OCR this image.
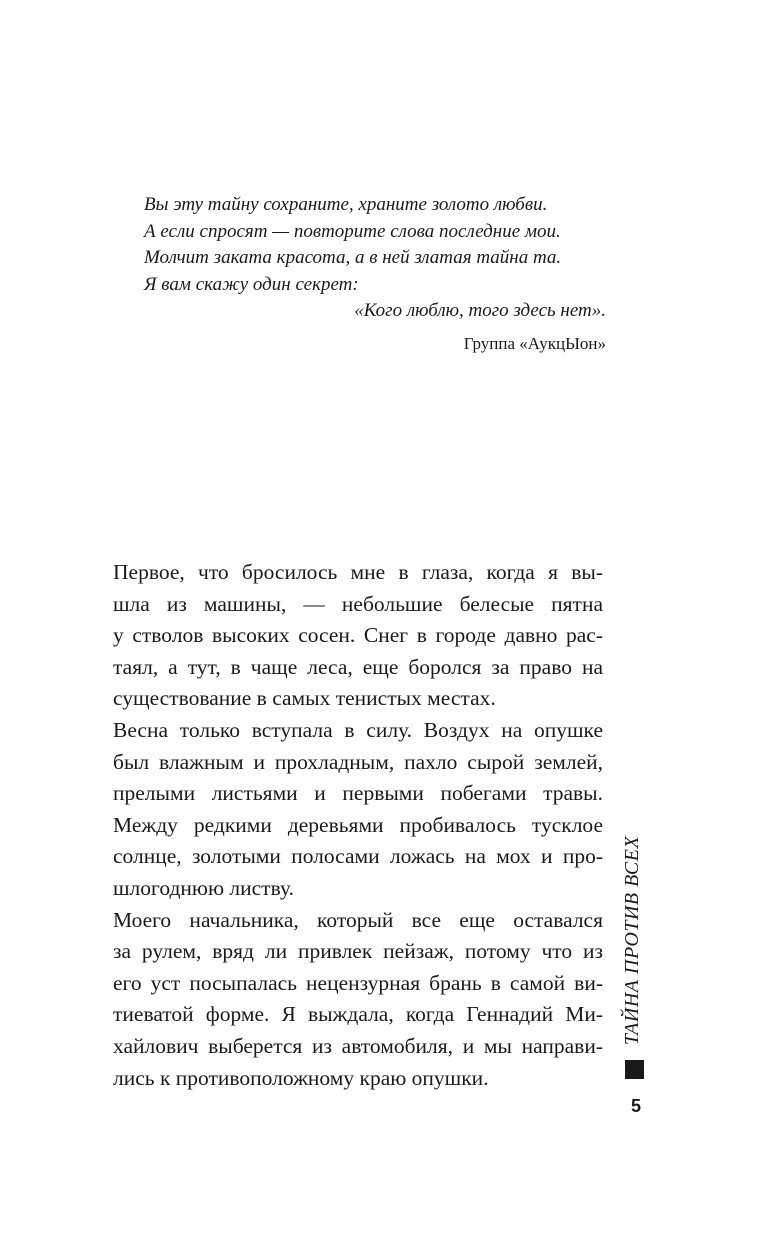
Вы эту тайну сохраните, храните золото любви.
А если спросят — повторите слова последние мои.
Молчит заката красота, а в ней златая тайна та.
Я вам скажу один секрет:
«Кого люблю, того здесь нет».
Группа «АукцЫон»
Первое, что бросилось мне в глаза, когда я вы-
шла из машины, — небольшие белесые пятна
у стволов высоких сосен. Снег в городе давно рас-
таял, а тут, в чаще леса, еще боролся за право на
существование в самых тенистых местах.
Весна только вступала в силу. Воздух на опушке
был влажным и прохладным, пахло сырой землей,
прелыми листьями и первыми побегами травы.
Между редкими деревьями пробивалось тусклое
солнце, золотыми полосами ложась на мох и про-
шлогоднюю листву.
Моего начальника, который все еще оставался
за рулем, вряд ли привлек пейзаж, потому что из
его уст посыпалась нецензурная брань в самой ви-
тиеватой форме. Я выждала, когда Геннадий Ми-
хайлович выберется из автомобиля, и мы направи-
лись к противоположному краю опушки.
ТАЙНА ПРОТИВ ВСЕХ
5
